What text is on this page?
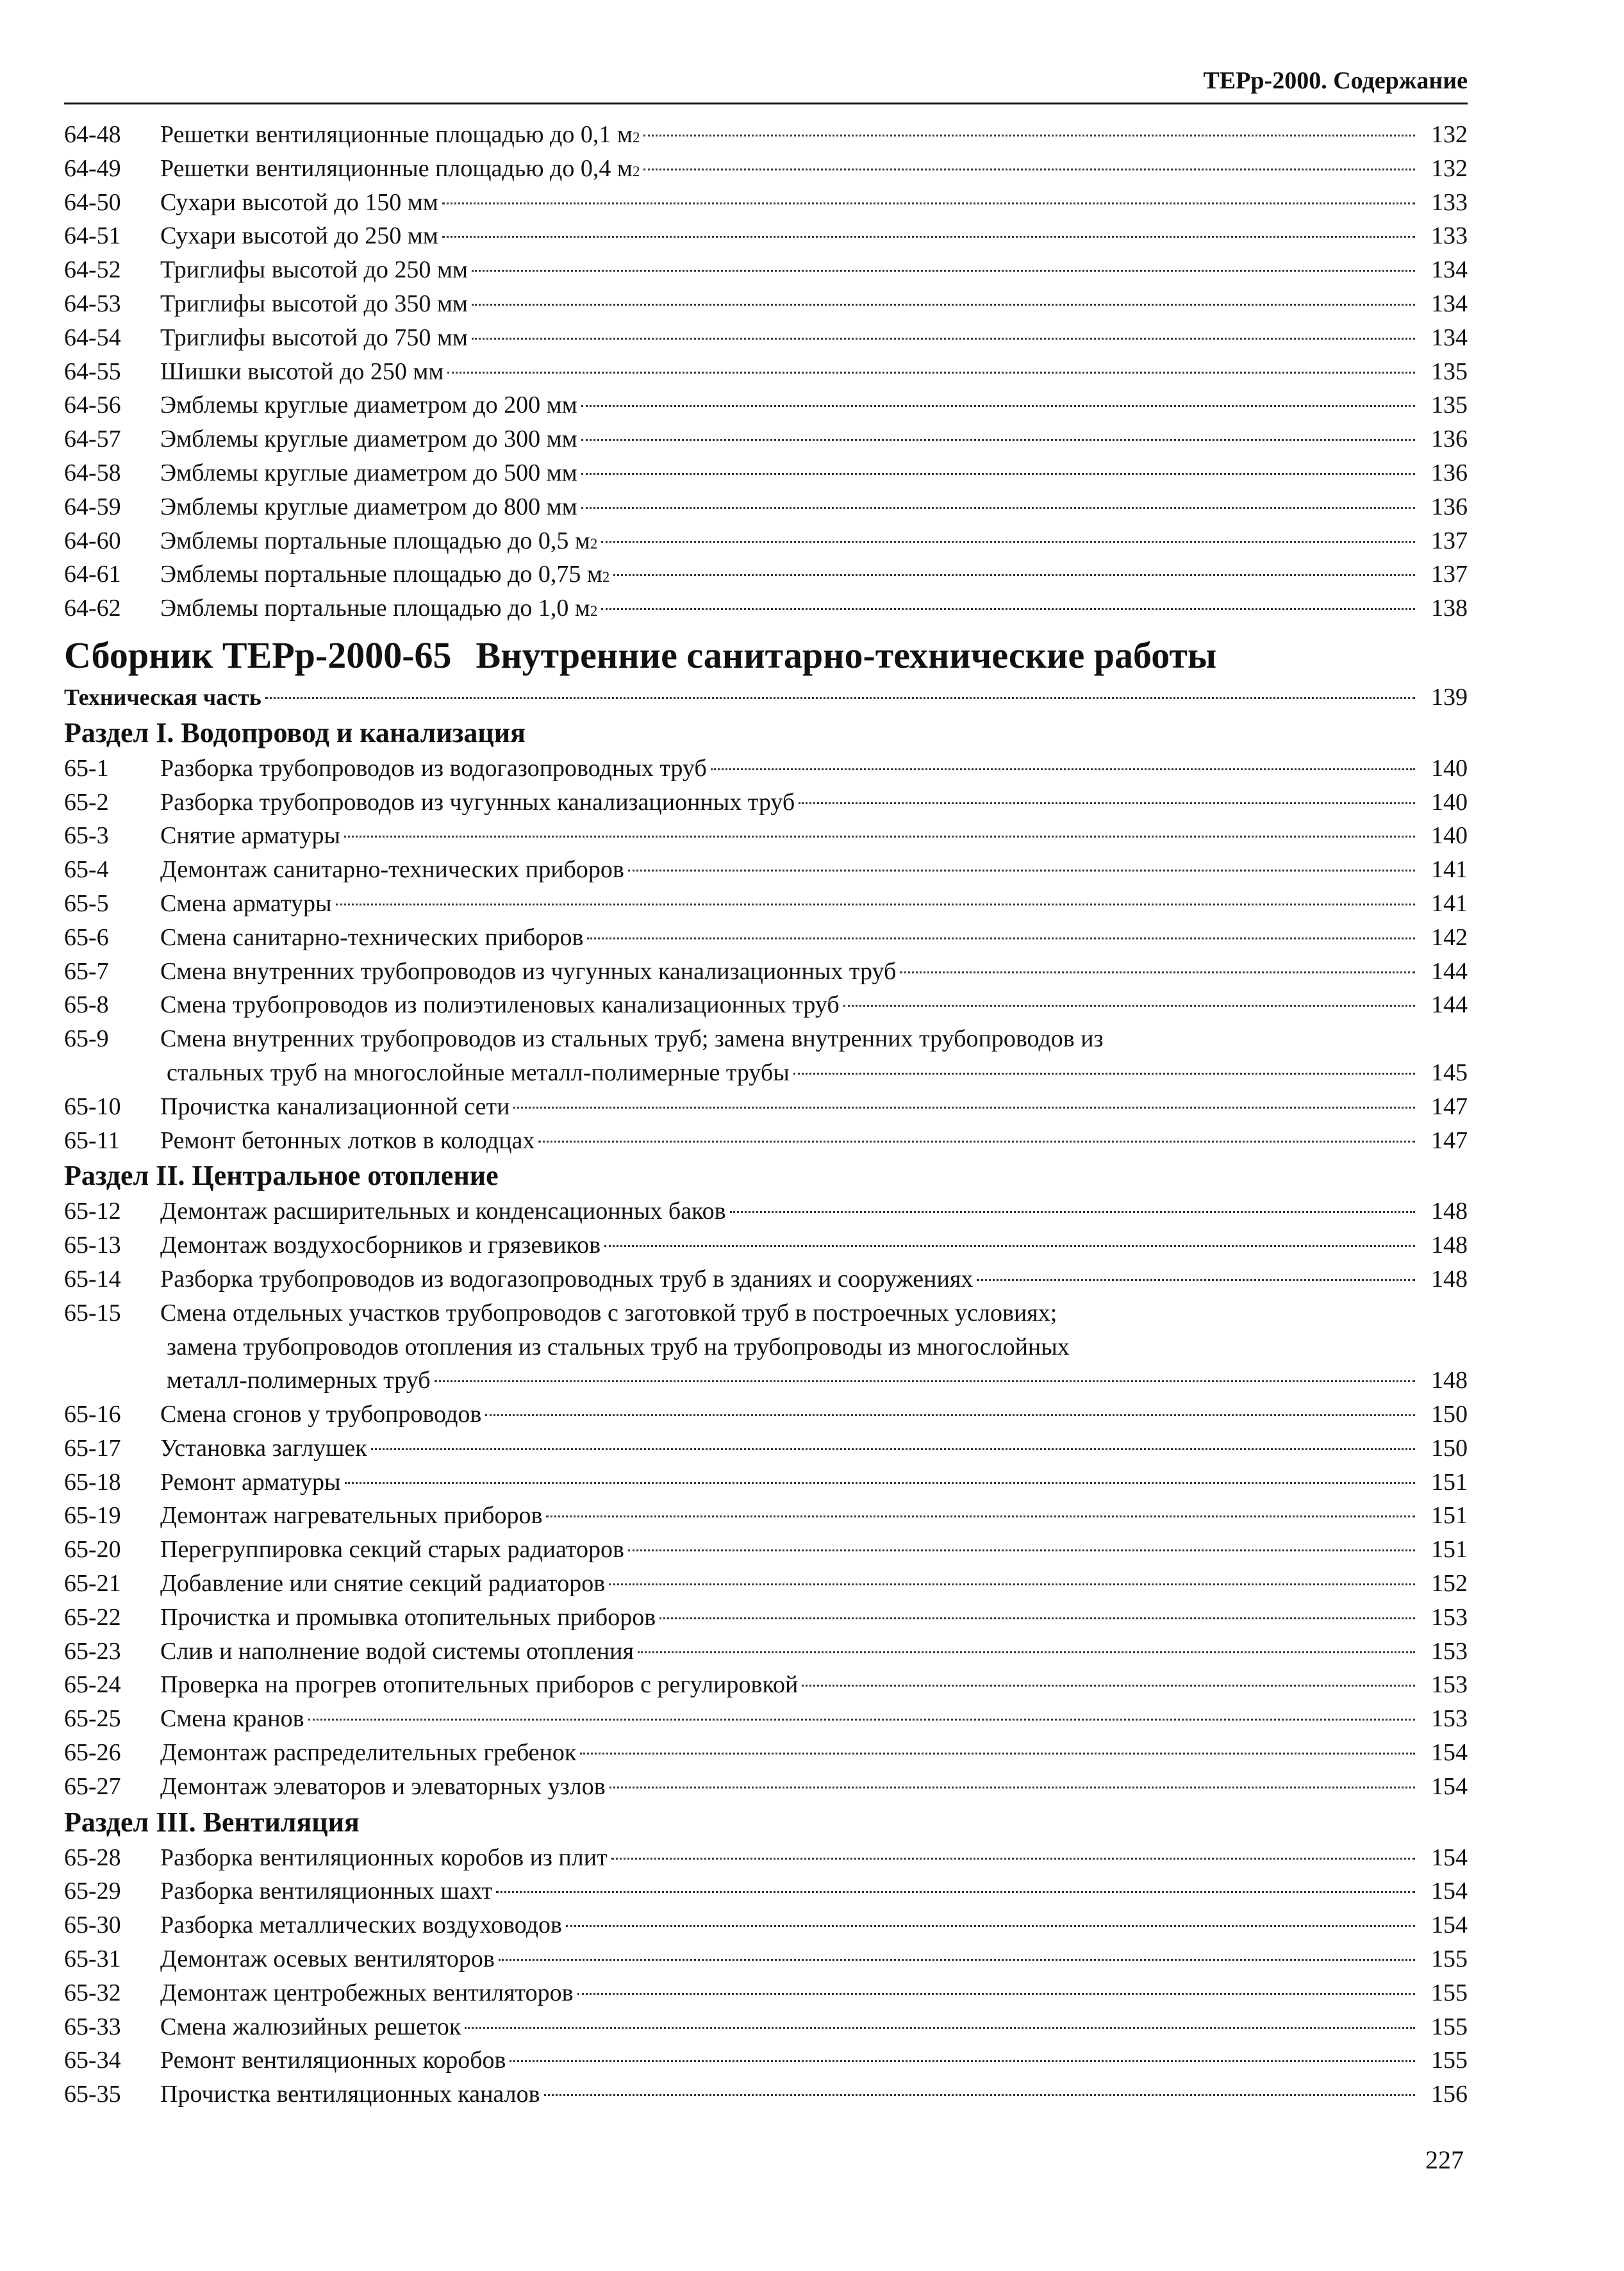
ТЕРр-2000. Содержание
64-48	Решетки вентиляционные площадью до 0,1 м 2	132
64-49	Решетки вентиляционные площадью до 0,4 м 2	132
64-50	Сухари высотой до 150 мм	133
64-51	Сухари высотой до 250 мм	133
64-52	Триглифы высотой до 250 мм	134
64-53	Триглифы высотой до 350 мм	134
64-54	Триглифы высотой до 750 мм	134
64-55	Шишки высотой до 250 мм	135
64-56	Эмблемы круглые диаметром до 200 мм	135
64-57	Эмблемы круглые диаметром до 300 мм	136
64-58	Эмблемы круглые диаметром до 500 мм	136
64-59	Эмблемы круглые диаметром до 800 мм	136
64-60	Эмблемы портальные площадью до 0,5 м 2	137
64-61	Эмблемы портальные площадью до 0,75 м 2	137
64-62	Эмблемы портальные площадью до 1,0 м 2	138
Сборник ТЕРр-2000-65 Внутренние санитарно-технические работы
Техническая часть	139
Раздел I. Водопровод и канализация
65-1	Разборка трубопроводов из водогазопроводных труб	140
65-2	Разборка трубопроводов из чугунных канализационных труб	140
65-3	Снятие арматуры	140
65-4	Демонтаж санитарно-технических приборов	141
65-5	Смена арматуры	141
65-6	Смена санитарно-технических приборов	142
65-7	Смена внутренних трубопроводов из чугунных канализационных труб	144
65-8	Смена трубопроводов из полиэтиленовых канализационных труб	144
65-9	Смена внутренних трубопроводов из стальных труб; замена внутренних трубопроводов из
стальных труб на многослойные металл-полимерные трубы	145
65-10	Прочистка канализационной сети	147
65-11	Ремонт бетонных лотков в колодцах	147
Раздел II. Центральное отопление
65-12	Демонтаж расширительных и конденсационных баков	148
65-13	Демонтаж воздухосборников и грязевиков	148
65-14	Разборка трубопроводов из водогазопроводных труб в зданиях и сооружениях	148
65-15	Смена отдельных участков трубопроводов с заготовкой труб в построечных условиях;
замена трубопроводов отопления из стальных труб на трубопроводы из многослойных
металл-полимерных труб	148
65-16	Смена сгонов у трубопроводов	150
65-17	Установка заглушек	150
65-18	Ремонт арматуры	151
65-19	Демонтаж нагревательных приборов	151
65-20	Перегруппировка секций старых радиаторов	151
65-21	Добавление или снятие секций радиаторов	152
65-22	Прочистка и промывка отопительных приборов	153
65-23	Слив и наполнение водой системы отопления	153
65-24	Проверка на прогрев отопительных приборов с регулировкой	153
65-25	Смена кранов	153
65-26	Демонтаж распределительных гребенок	154
65-27	Демонтаж элеваторов и элеваторных узлов	154
Раздел III. Вентиляция
65-28	Разборка вентиляционных коробов из плит	154
65-29	Разборка вентиляционных шахт	154
65-30	Разборка металлических воздуховодов	154
65-31	Демонтаж осевых вентиляторов	155
65-32	Демонтаж центробежных вентиляторов	155
65-33	Смена жалюзийных решеток	155
65-34	Ремонт вентиляционных коробов	155
65-35	Прочистка вентиляционных каналов	156
227
